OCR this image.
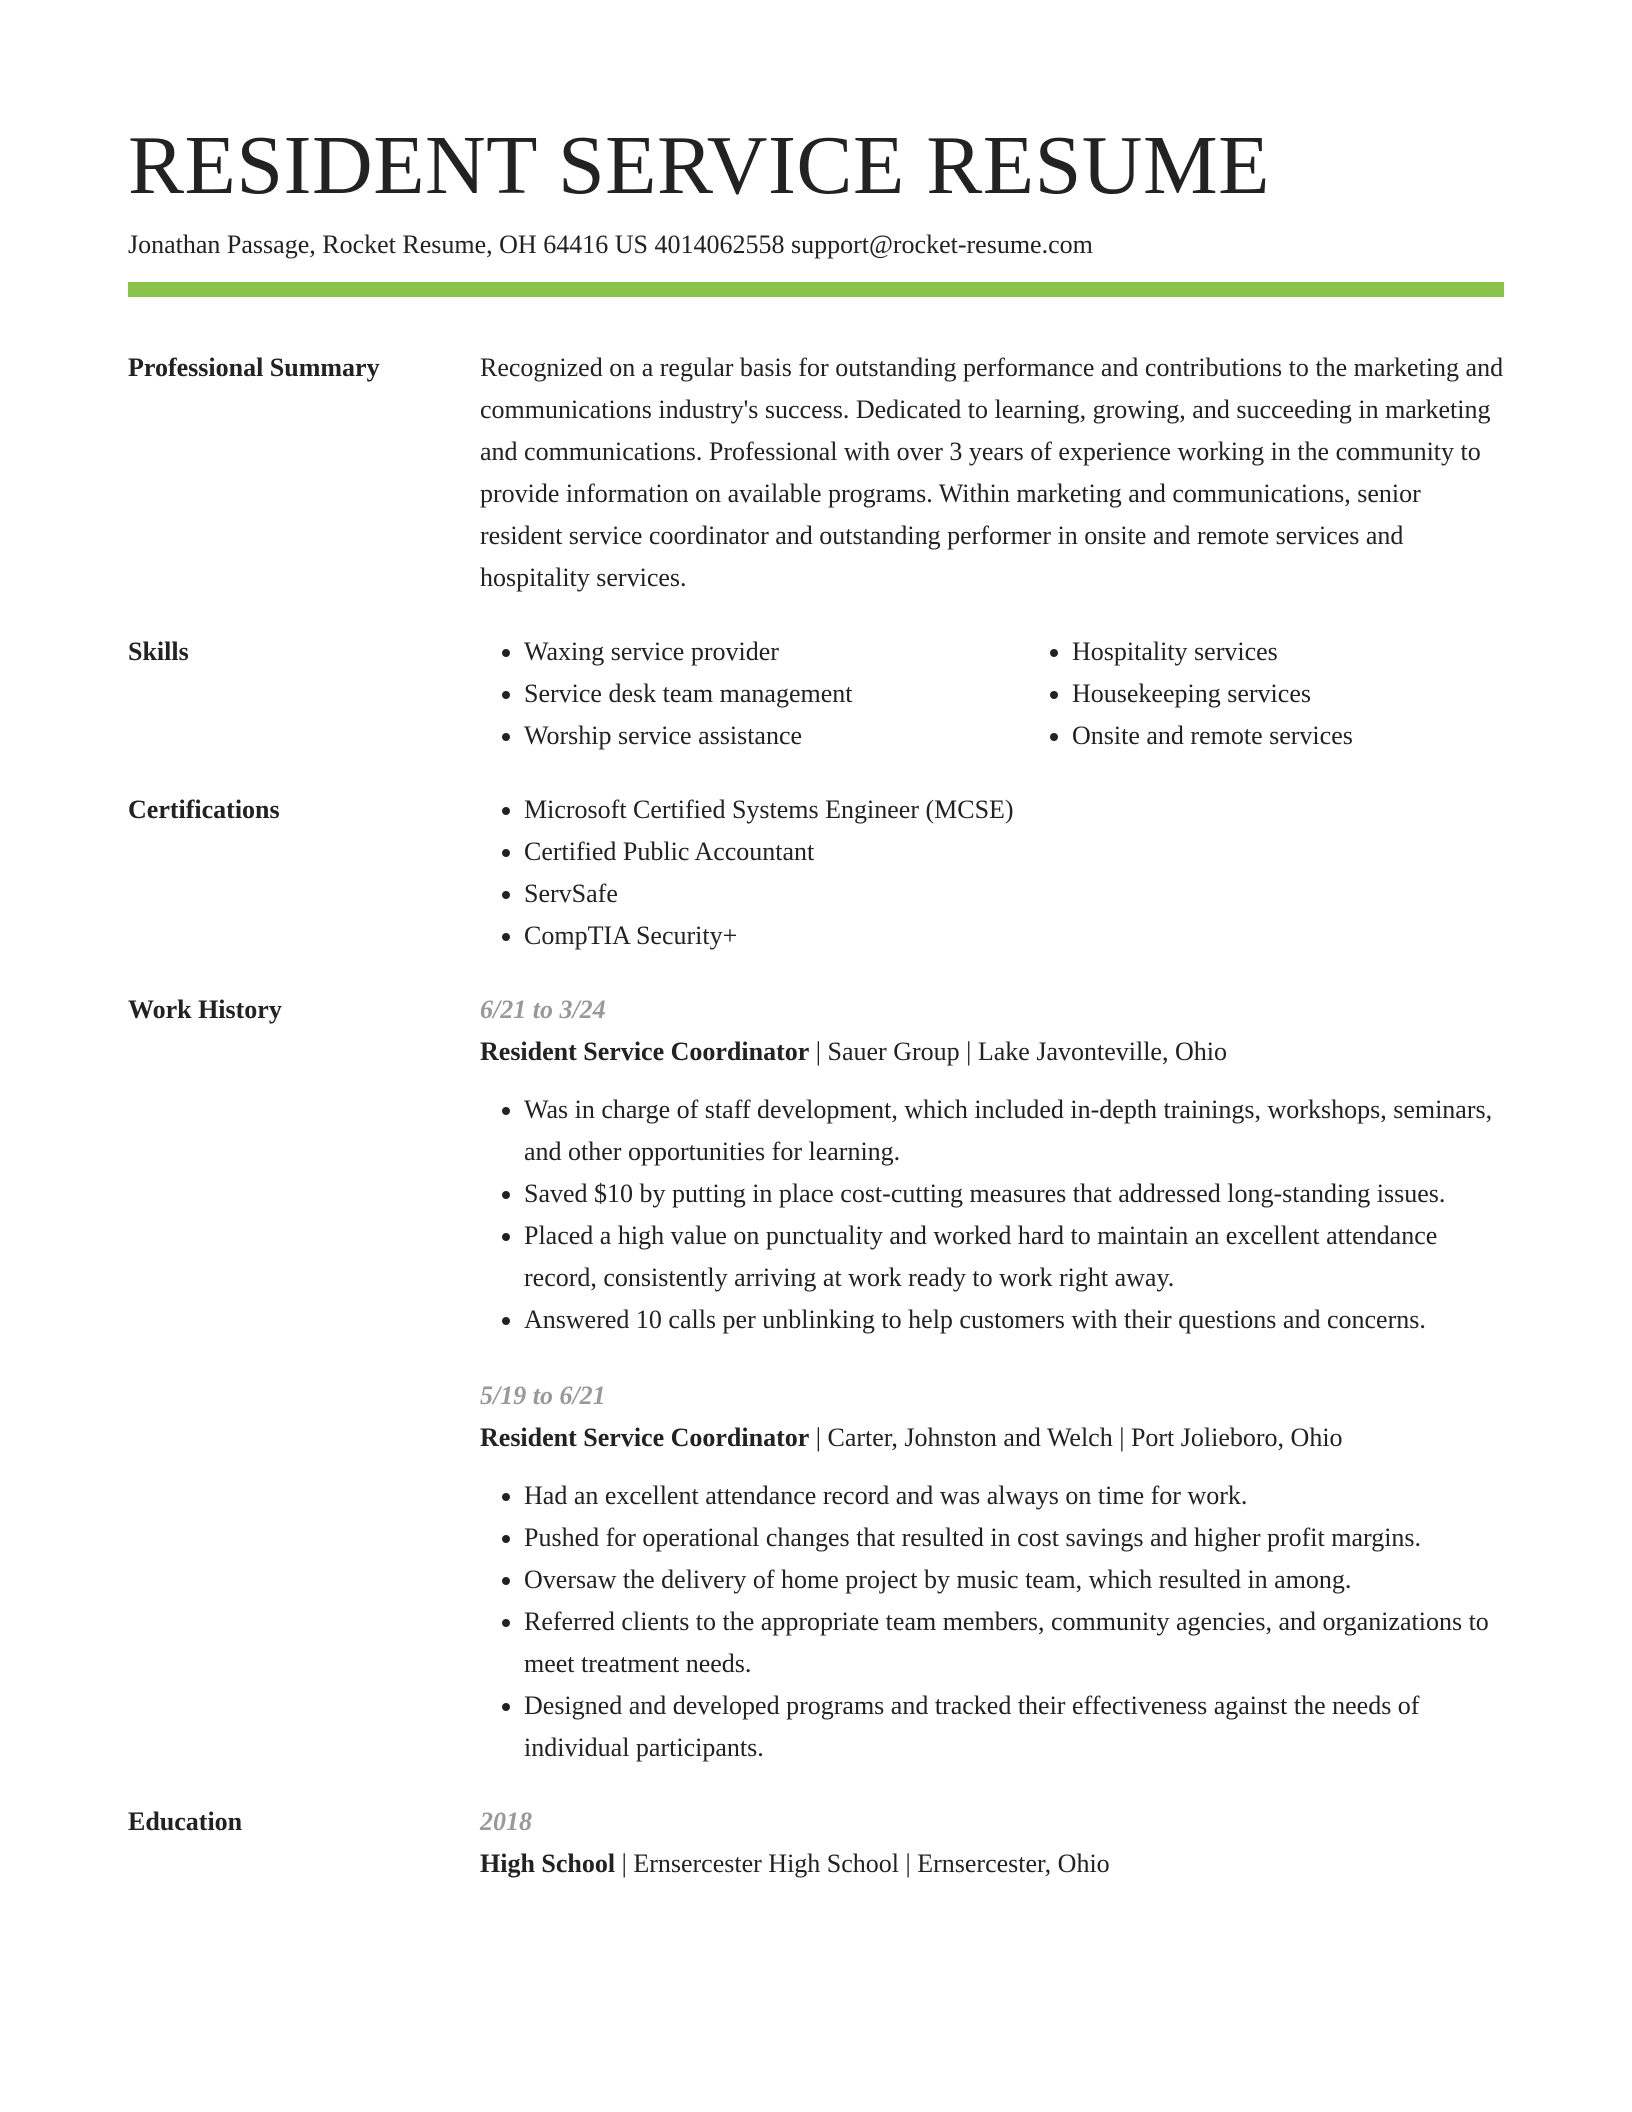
RESIDENT SERVICE RESUME
Jonathan Passage, Rocket Resume, OH 64416 US 4014062558 support@rocket-resume.com
Professional Summary	Recognized on a regular basis for outstanding performance and contributions to the marketing and communications industry's success. Dedicated to learning, growing, and succeeding in marketing and communications. Professional with over 3 years of experience working in the community to provide information on available programs. Within marketing and communications, senior resident service coordinator and outstanding performer in onsite and remote services and hospitality services.

Skills	• Waxing service provider
• Service desk team management
• Worship service assistance
• Hospitality services
• Housekeeping services
• Onsite and remote services
Certifications	• Microsoft Certified Systems Engineer (MCSE)
• Certified Public Accountant
• ServSafe
• CompTIA Security+
Work History	6/21 to 3/24
Resident Service Coordinator | Sauer Group | Lake Javonteville, Ohio
• Was in charge of staff development, which included in-depth trainings, workshops, seminars, and other opportunities for learning.
• Saved $10 by putting in place cost-cutting measures that addressed long-standing issues.
• Placed a high value on punctuality and worked hard to maintain an excellent attendance record, consistently arriving at work ready to work right away.
• Answered 10 calls per unblinking to help customers with their questions and concerns.
5/19 to 6/21
Resident Service Coordinator | Carter, Johnston and Welch | Port Jolieboro, Ohio
• Had an excellent attendance record and was always on time for work.
• Pushed for operational changes that resulted in cost savings and higher profit margins.
• Oversaw the delivery of home project by music team, which resulted in among.
• Referred clients to the appropriate team members, community agencies, and organizations to meet treatment needs.
• Designed and developed programs and tracked their effectiveness against the needs of individual participants.
Education	2018
High School | Ernsercester High School | Ernsercester, Ohio
